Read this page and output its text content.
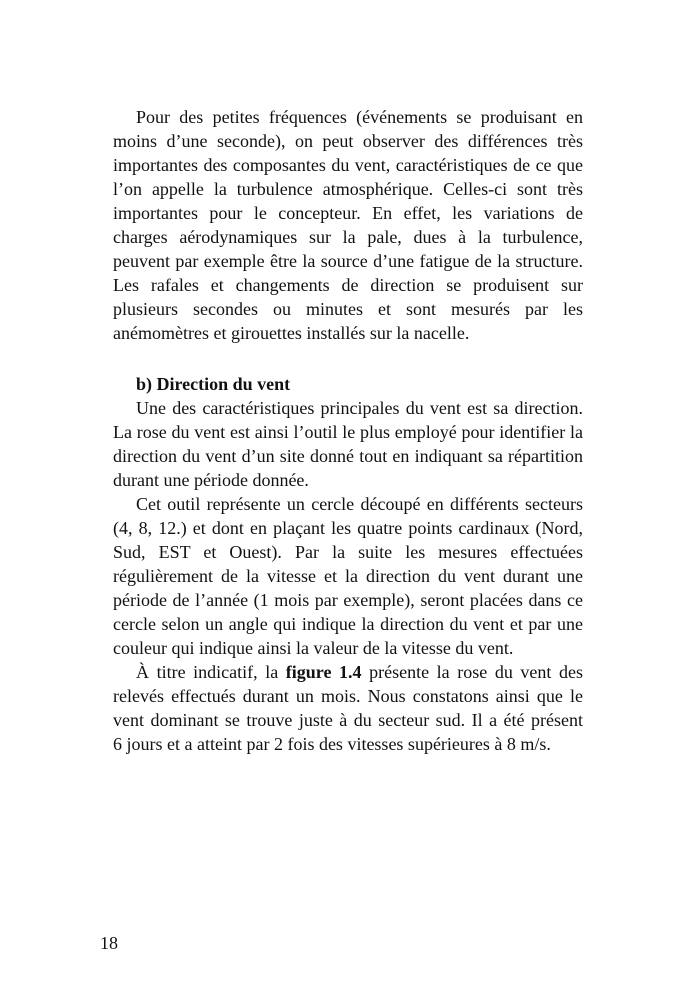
Pour des petites fréquences (événements se produisant en
moins d’une seconde), on peut observer des différences très
importantes des composantes du vent, caractéristiques de ce que
l’on appelle la turbulence atmosphérique. Celles-ci sont très
importantes pour le concepteur. En effet, les variations de
charges aérodynamiques sur la pale, dues à la turbulence,
peuvent par exemple être la source d’une fatigue de la structure.
Les rafales et changements de direction se produisent sur
plusieurs secondes ou minutes et sont mesurés par les
anémomètres et girouettes installés sur la nacelle.
b) Direction du vent
Une des caractéristiques principales du vent est sa direction.
La rose du vent est ainsi l’outil le plus employé pour identifier la
direction du vent d’un site donné tout en indiquant sa répartition
durant une période donnée.
Cet outil représente un cercle découpé en différents secteurs
(4, 8, 12.) et dont en plaçant les quatre points cardinaux (Nord,
Sud, EST et Ouest). Par la suite les mesures effectuées
régulièrement de la vitesse et la direction du vent durant une
période de l’année (1 mois par exemple), seront placées dans ce
cercle selon un angle qui indique la direction du vent et par une
couleur qui indique ainsi la valeur de la vitesse du vent.
À titre indicatif, la figure 1.4 présente la rose du vent des
relevés effectués durant un mois. Nous constatons ainsi que le
vent dominant se trouve juste à du secteur sud. Il a été présent
6 jours et a atteint par 2 fois des vitesses supérieures à 8 m/s.
18
